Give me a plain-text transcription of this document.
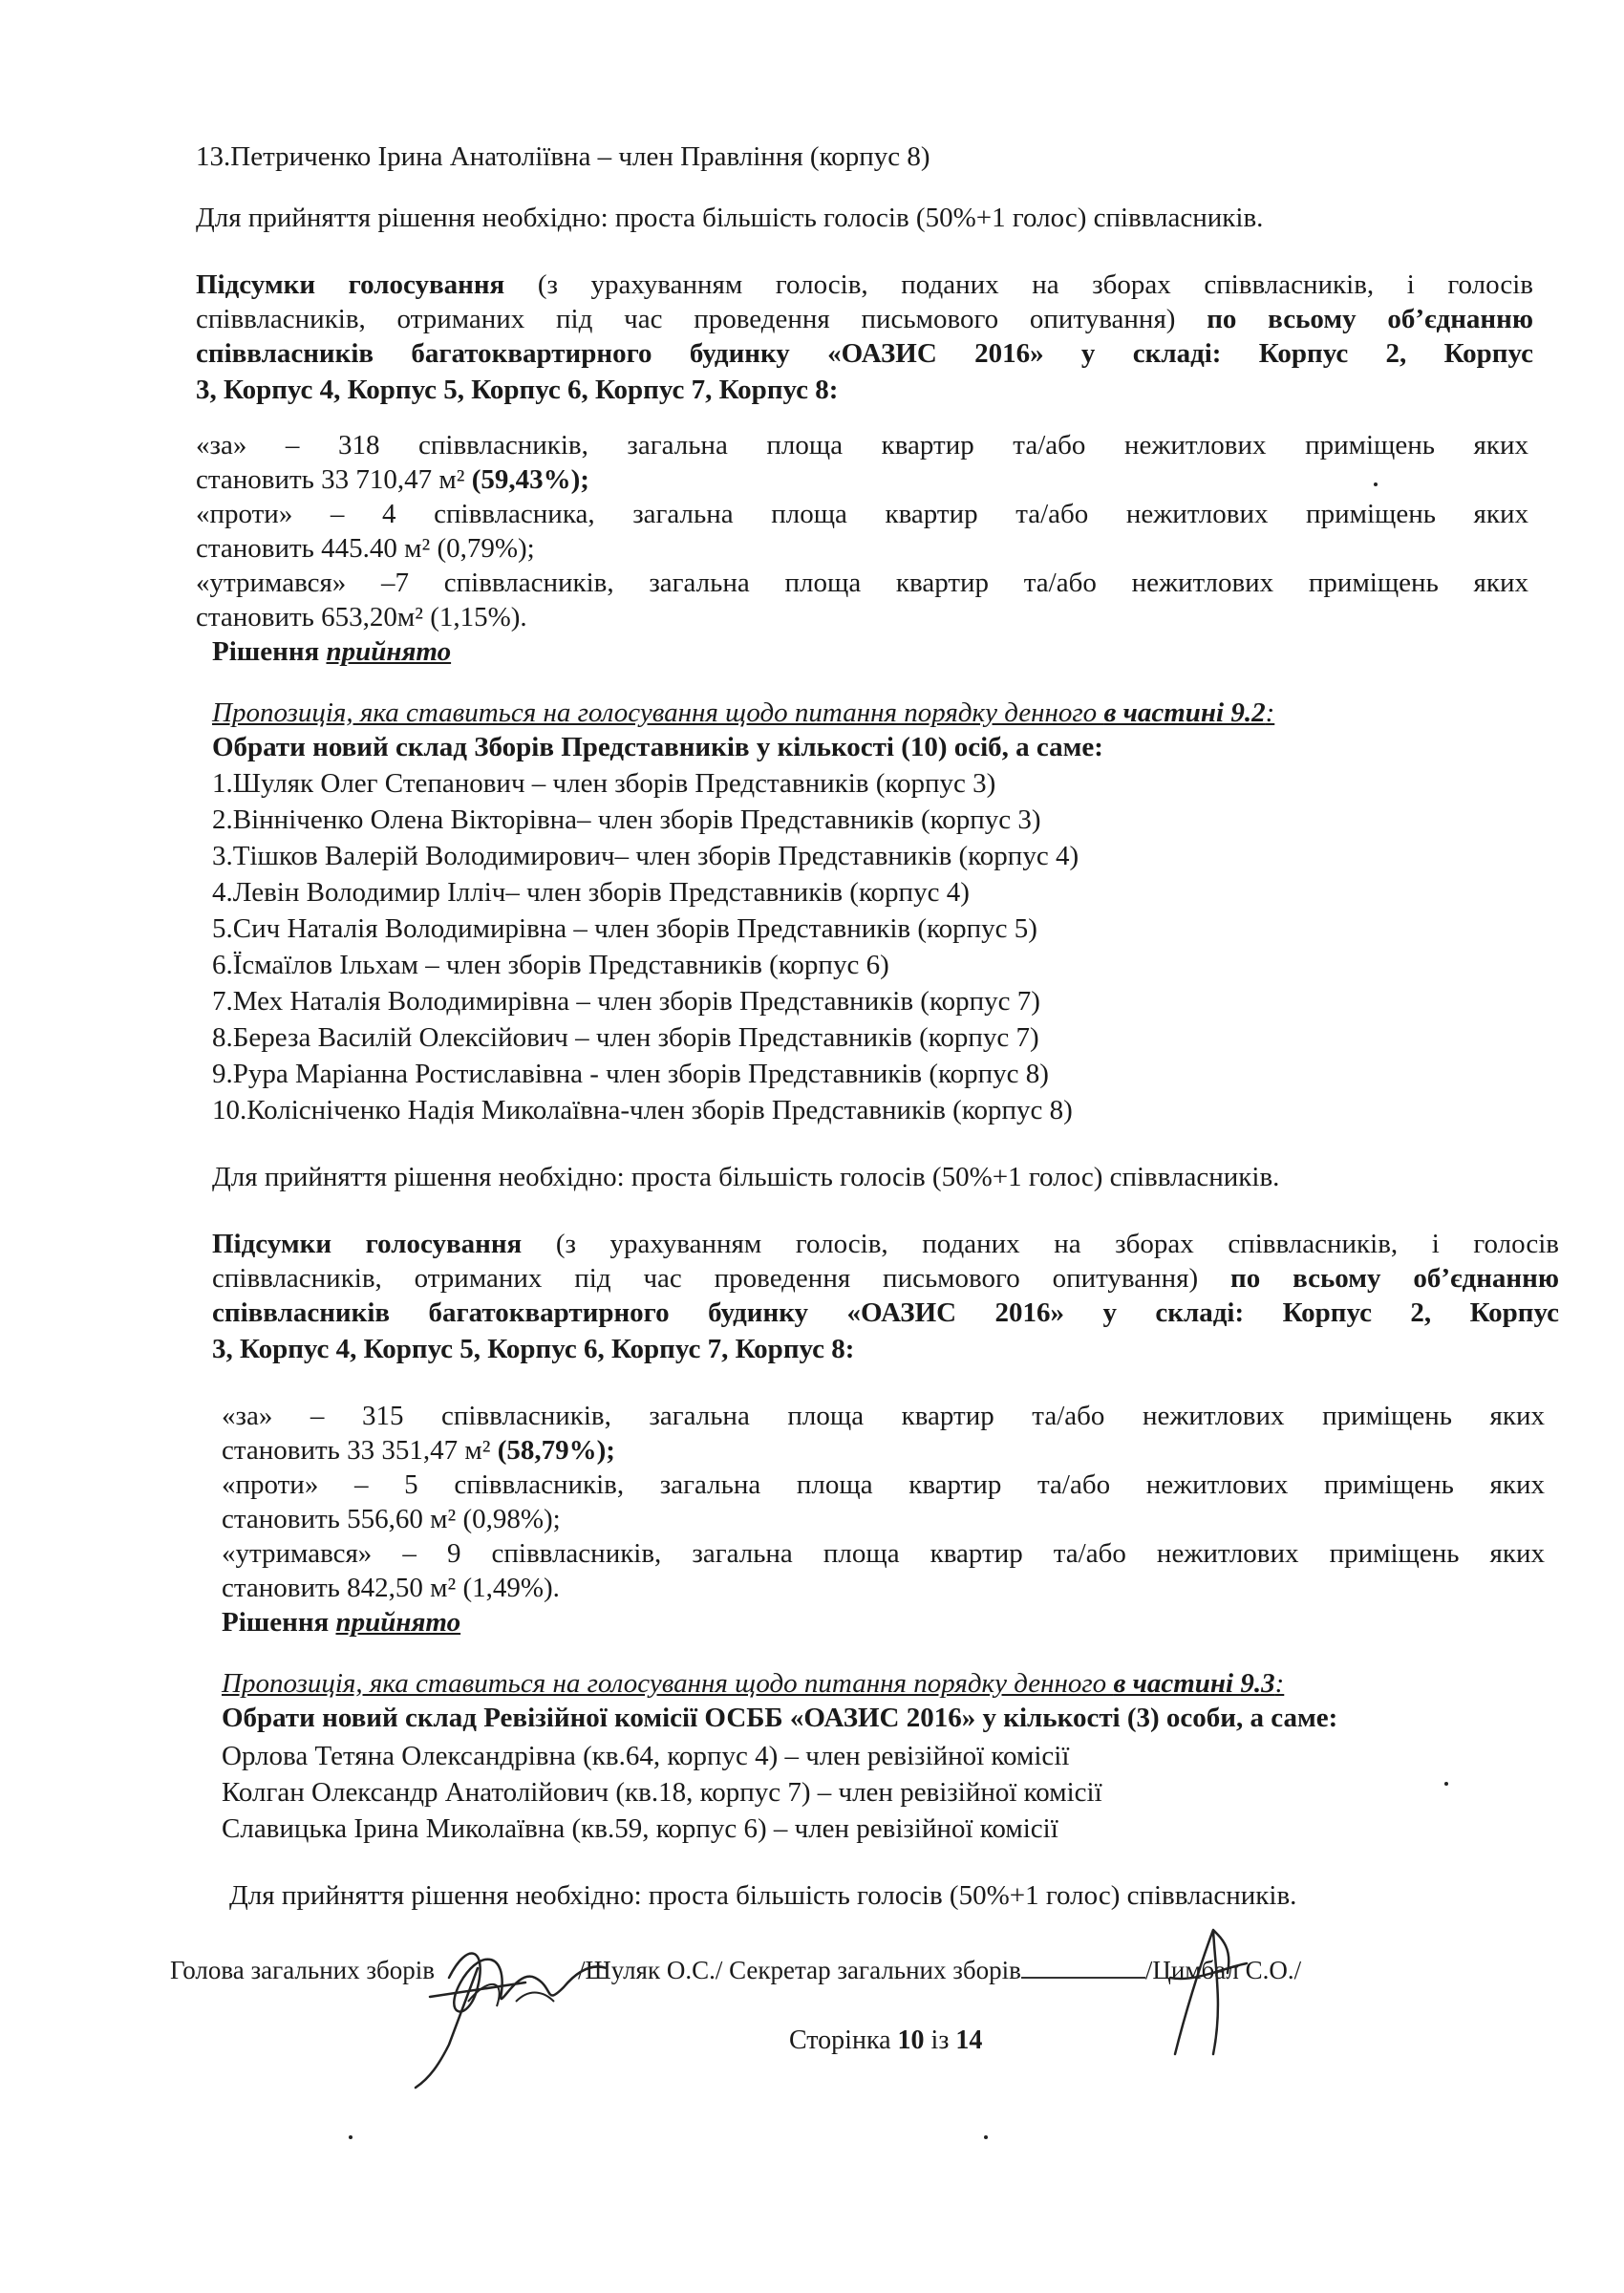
13.Петриченко Ірина Анатоліївна – член Правління (корпус 8)
Для прийняття рішення необхідно: проста більшість голосів (50%+1 голос) співвласників.
Підсумки голосування (з урахуванням голосів, поданих на зборах співвласників, і голосів
співвласників, отриманих під час проведення письмового опитування) по всьому об’єднанню
співвласників багатоквартирного будинку «ОАЗИС 2016» у складі: Корпус 2, Корпус
3, Корпус 4, Корпус 5, Корпус 6, Корпус 7, Корпус 8:
«за» – 318 співвласників, загальна площа квартир та/або нежитлових приміщень яких
становить 33 710,47 м² (59,43%);
«проти» – 4 співвласника, загальна площа квартир та/або нежитлових приміщень яких
становить 445.40 м² (0,79%);
«утримався» –7 співвласників, загальна площа квартир та/або нежитлових приміщень яких
становить 653,20м² (1,15%).
Рішення прийнято
Пропозиція, яка ставиться на голосування щодо питання порядку денного в частині 9.2:
Обрати новий склад Зборів Представників у кількості (10) осіб, а саме:
1.Шуляк Олег Степанович – член зборів Представників (корпус 3)
2.Вінніченко Олена Вікторівна– член зборів Представників (корпус 3)
3.Тішков Валерій Володимирович– член зборів Представників (корпус 4)
4.Левін Володимир Ілліч– член зборів Представників (корпус 4)
5.Сич Наталія Володимирівна – член зборів Представників (корпус 5)
6.Їсмаїлов Ільхам – член зборів Представників (корпус 6)
7.Мех Наталія Володимирівна – член зборів Представників (корпус 7)
8.Береза Василій Олексійович – член зборів Представників (корпус 7)
9.Рура Маріанна Ростиславівна - член зборів Представників (корпус 8)
10.Колісніченко Надія Миколаївна-член зборів Представників (корпус 8)
Для прийняття рішення необхідно: проста більшість голосів (50%+1 голос) співвласників.
Підсумки голосування (з урахуванням голосів, поданих на зборах співвласників, і голосів
співвласників, отриманих під час проведення письмового опитування) по всьому об’єднанню
співвласників багатоквартирного будинку «ОАЗИС 2016» у складі: Корпус 2, Корпус
3, Корпус 4, Корпус 5, Корпус 6, Корпус 7, Корпус 8:
«за» – 315 співвласників, загальна площа квартир та/або нежитлових приміщень яких
становить 33 351,47 м² (58,79%);
«проти» – 5 співвласників, загальна площа квартир та/або нежитлових приміщень яких
становить 556,60 м² (0,98%);
«утримався» – 9 співвласників, загальна площа квартир та/або нежитлових приміщень яких
становить 842,50 м² (1,49%).
Рішення прийнято
Пропозиція, яка ставиться на голосування щодо питання порядку денного в частині 9.3:
Обрати новий склад Ревізійної комісії ОСББ «ОАЗИС 2016» у кількості (3) особи, а саме:
Орлова Тетяна Олександрівна (кв.64, корпус 4) – член ревізійної комісії
Колган Олександр Анатолійович (кв.18, корпус 7) – член ревізійної комісії
Славицька Ірина Миколаївна (кв.59, корпус 6) – член ревізійної комісії
Для прийняття рішення необхідно: проста більшість голосів (50%+1 голос) співвласників.
Голова загальних зборів	/Шуляк О.С./ Секретар загальних зборів	/Цимбал С.О./
Сторінка 10 із 14
